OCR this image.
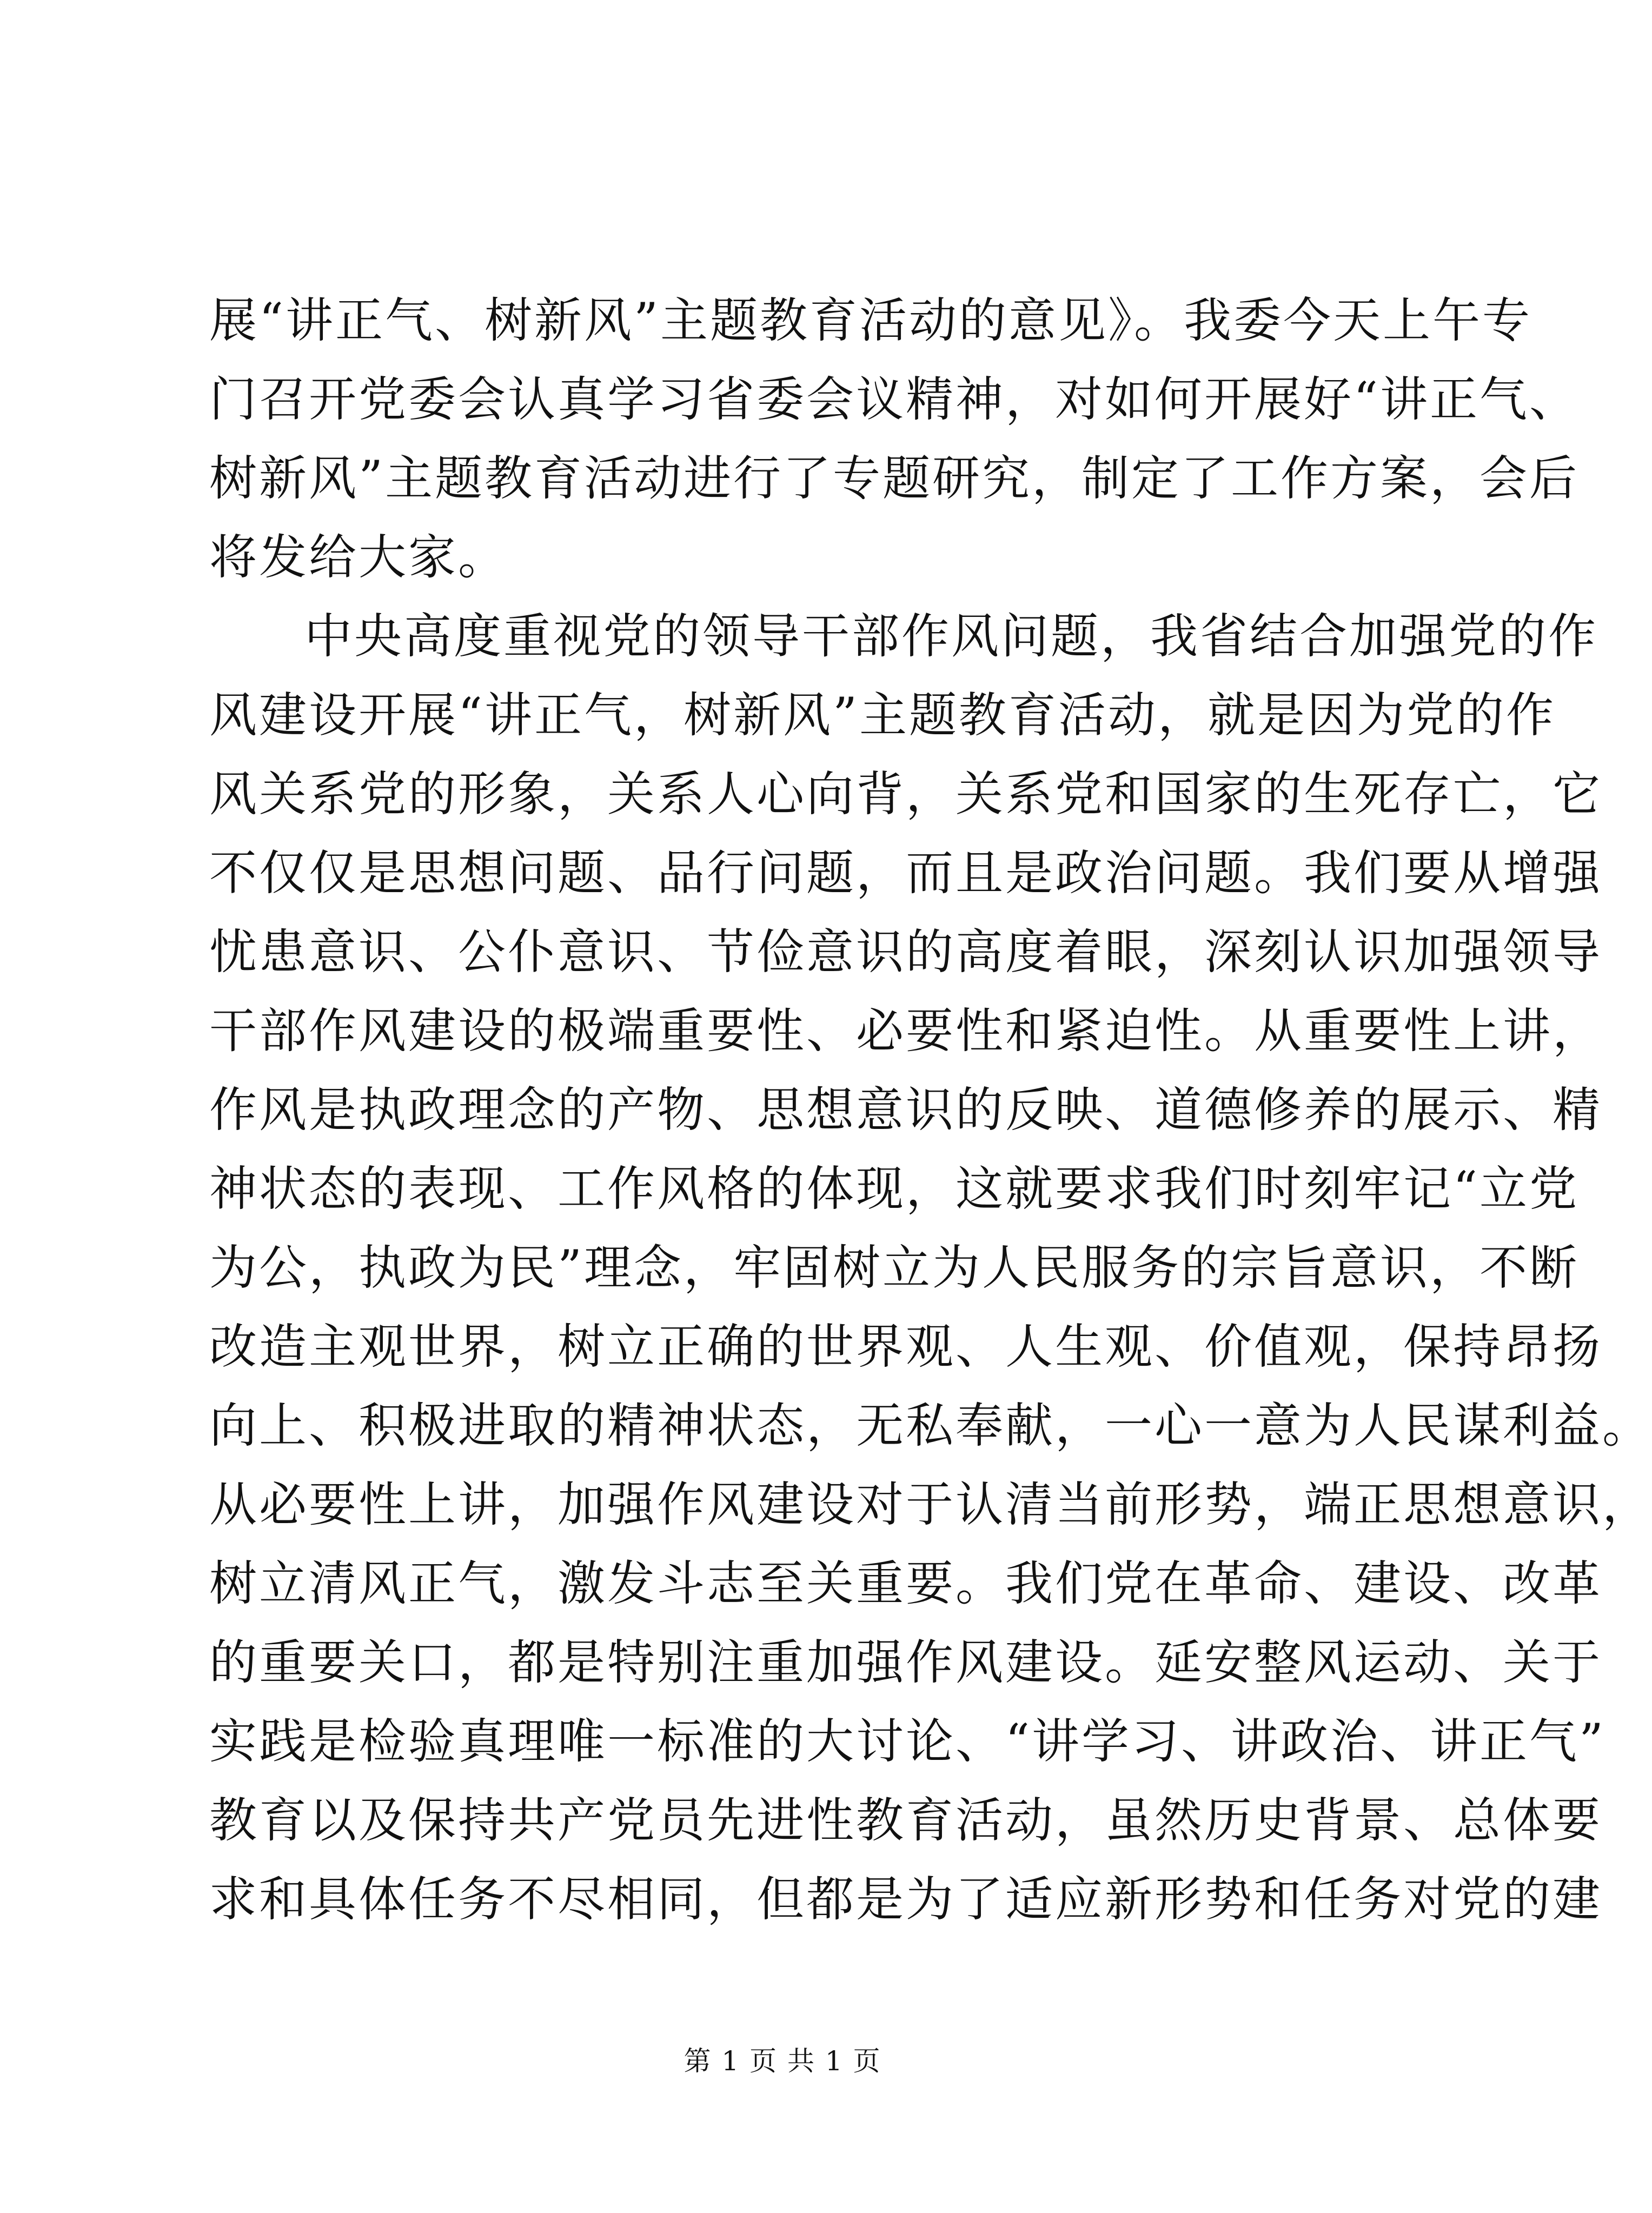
展“讲正气、树新风”主题教育活动的意见》。我委今天上午专
门召开党委会认真学习省委会议精神，对如何开展好“讲正气、
树新风”主题教育活动进行了专题研究，制定了工作方案，会后
将发给大家。
中央高度重视党的领导干部作风问题，我省结合加强党的作
风建设开展“讲正气，树新风”主题教育活动，就是因为党的作
风关系党的形象，关系人心向背，关系党和国家的生死存亡，它
不仅仅是思想问题、品行问题，而且是政治问题。我们要从增强
忧患意识、公仆意识、节俭意识的高度着眼，深刻认识加强领导
干部作风建设的极端重要性、必要性和紧迫性。从重要性上讲，
作风是执政理念的产物、思想意识的反映、道德修养的展示、精
神状态的表现、工作风格的体现，这就要求我们时刻牢记“立党
为公，执政为民”理念，牢固树立为人民服务的宗旨意识，不断
改造主观世界，树立正确的世界观、人生观、价值观，保持昂扬
向上、积极进取的精神状态，无私奉献，一心一意为人民谋利益。
从必要性上讲，加强作风建设对于认清当前形势，端正思想意识，
树立清风正气，激发斗志至关重要。我们党在革命、建设、改革
的重要关口，都是特别注重加强作风建设。延安整风运动、关于
实践是检验真理唯一标准的大讨论、“讲学习、讲政治、讲正气”
教育以及保持共产党员先进性教育活动，虽然历史背景、总体要
求和具体任务不尽相同，但都是为了适应新形势和任务对党的建
第 1 页 共 1 页
